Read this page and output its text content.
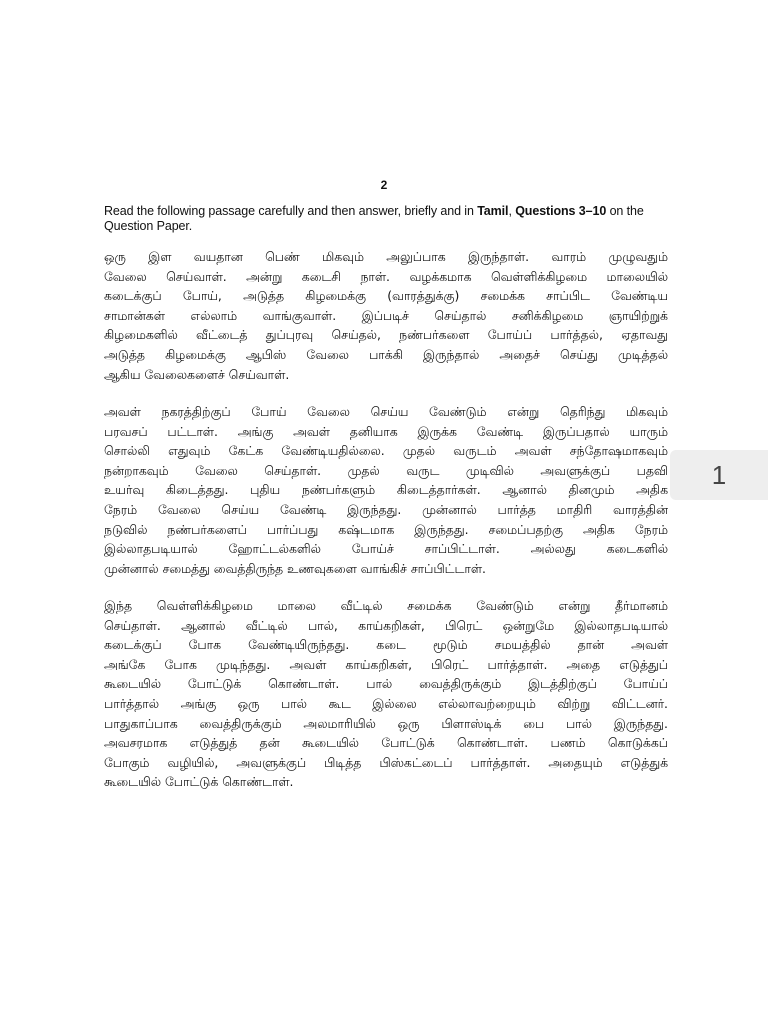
2
Read the following passage carefully and then answer, briefly and in Tamil, Questions 3–10 on the Question Paper.
ஒரு இள வயதான பெண் மிகவும் அலுப்பாக இருந்தாள். வாரம் முழுவதும்
வேலை செய்வாள். அன்று கடைசி நாள். வழக்கமாக வெள்ளிக்கிழமை மாலையில்
கடைக்குப் போய், அடுத்த கிழமைக்கு (வாரத்துக்கு) சமைக்க சாப்பிட வேண்டிய
சாமான்கள் எல்லாம் வாங்குவாள். இப்படிச் செய்தால் சனிக்கிழமை ஞாயிற்றுக்
கிழமைகளில் வீட்டைத் துப்புரவு செய்தல், நண்பர்களை போய்ப் பார்த்தல், ஏதாவது
அடுத்த கிழமைக்கு ஆபிஸ் வேலை பாக்கி இருந்தால் அதைச் செய்து முடித்தல்
ஆகிய வேலைகளைச் செய்வாள்.
அவள் நகரத்திற்குப் போய் வேலை செய்ய வேண்டும் என்று தெரிந்து மிகவும்
பரவசப் பட்டாள். அங்கு அவள் தனியாக இருக்க வேண்டி இருப்பதால் யாரும்
சொல்லி எதுவும் கேட்க வேண்டியதில்லை. முதல் வருடம் அவள் சந்தோஷமாகவும்
நன்றாகவும் வேலை செய்தாள். முதல் வருட முடிவில் அவளுக்குப் பதவி
உயர்வு கிடைத்தது. புதிய நண்பர்களும் கிடைத்தார்கள். ஆனால் தினமும் அதிக
நேரம் வேலை செய்ய வேண்டி இருந்தது. முன்னால் பார்த்த மாதிரி வாரத்தின்
நடுவில் நண்பர்களைப் பார்ப்பது கஷ்டமாக இருந்தது. சமைப்பதற்கு அதிக நேரம்
இல்லாதபடியால் ஹோட்டல்களில் போய்ச் சாப்பிட்டாள். அல்லது கடைகளில்
முன்னால் சமைத்து வைத்திருந்த உணவுகளை வாங்கிச் சாப்பிட்டாள்.
இந்த வெள்ளிக்கிழமை மாலை வீட்டில் சமைக்க வேண்டும் என்று தீர்மானம்
செய்தாள். ஆனால் வீட்டில் பால், காய்கறிகள், பிரெட் ஒன்றுமே இல்லாதபடியால்
கடைக்குப் போக வேண்டியிருந்தது. கடை மூடும் சமயத்தில் தான் அவள்
அங்கே போக முடிந்தது. அவள் காய்கறிகள், பிரெட் பார்த்தாள். அதை எடுத்துப்
கூடையில் போட்டுக் கொண்டாள். பால் வைத்திருக்கும் இடத்திற்குப் போய்ப்
பார்த்தால் அங்கு ஒரு பால் கூட இல்லை எல்லாவற்றையும் விற்று விட்டனர்.
பாதுகாப்பாக வைத்திருக்கும் அலமாரியில் ஒரு பிளாஸ்டிக் பை பால் இருந்தது.
அவசரமாக எடுத்துத் தன் கூடையில் போட்டுக் கொண்டாள். பணம் கொடுக்கப்
போகும் வழியில், அவளுக்குப் பிடித்த பிஸ்கட்டைப் பார்த்தாள். அதையும் எடுத்துக்
கூடையில் போட்டுக் கொண்டாள்.
1
